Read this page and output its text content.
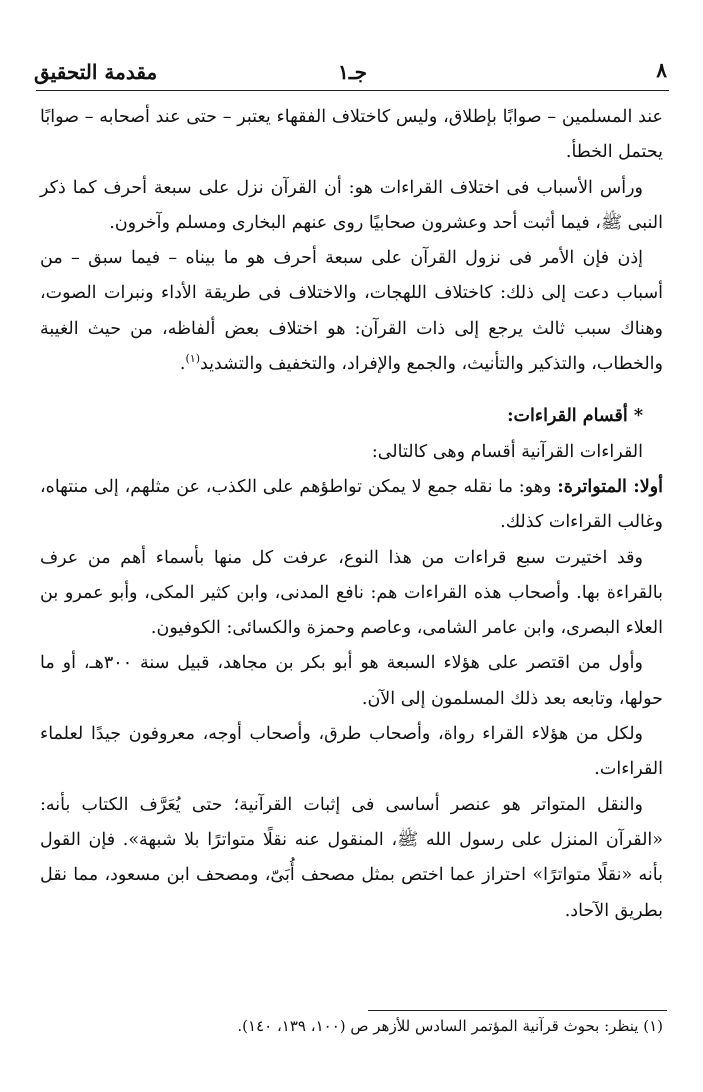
مقدمة التحقيق	جـ١	٨

عند المسلمين – صوابًا بإطلاق، وليس كاختلاف الفقهاء يعتبر – حتى عند أصحابه – صوابًا يحتمل الخطأ.

ورأس الأسباب فى اختلاف القراءات هو: أن القرآن نزل على سبعة أحرف كما ذكر النبى ﷺ، فيما أثبت أحد وعشرون صحابيًا روى عنهم البخارى ومسلم وآخرون.

إذن فإن الأمر فى نزول القرآن على سبعة أحرف هو ما بيناه – فيما سبق – من أسباب دعت إلى ذلك: كاختلاف اللهجات، والاختلاف فى طريقة الأداء ونبرات الصوت، وهناك سبب ثالث يرجع إلى ذات القرآن: هو اختلاف بعض ألفاظه، من حيث الغيبة والخطاب، والتذكير والتأنيث، والجمع والإفراد، والتخفيف والتشديد$^{(١)}$.

* أقسام القراءات:

القراءات القرآنية أقسام وهى كالتالى:

أولا: المتواترة: وهو: ما نقله جمع لا يمكن تواطؤهم على الكذب، عن مثلهم، إلى منتهاه، وغالب القراءات كذلك.

وقد اختيرت سبع قراءات من هذا النوع، عرفت كل منها بأسماء أهم من عرف بالقراءة بها. وأصحاب هذه القراءات هم: نافع المدنى، وابن كثير المكى، وأبو عمرو بن العلاء البصرى، وابن عامر الشامى، وعاصم وحمزة والكسائى: الكوفيون.

وأول من اقتصر على هؤلاء السبعة هو أبو بكر بن مجاهد، قبيل سنة ٣٠٠هـ، أو ما حولها، وتابعه بعد ذلك المسلمون إلى الآن.

ولكل من هؤلاء القراء رواة، وأصحاب طرق، وأصحاب أوجه، معروفون جيدًا لعلماء القراءات.

والنقل المتواتر هو عنصر أساسى فى إثبات القرآنية؛ حتى يُعَرَّف الكتاب بأنه: «القرآن المنزل على رسول الله ﷺ، المنقول عنه نقلًا متواترًا بلا شبهة». فإن القول بأنه «نقلًا متواترًا» احتراز عما اختص بمثل مصحف أُبَىّ، ومصحف ابن مسعود، مما نقل بطريق الآحاد.

(١) ينظر: بحوث قرآنية المؤتمر السادس للأزهر ص (١٠٠، ١٣٩، ١٤٠).
